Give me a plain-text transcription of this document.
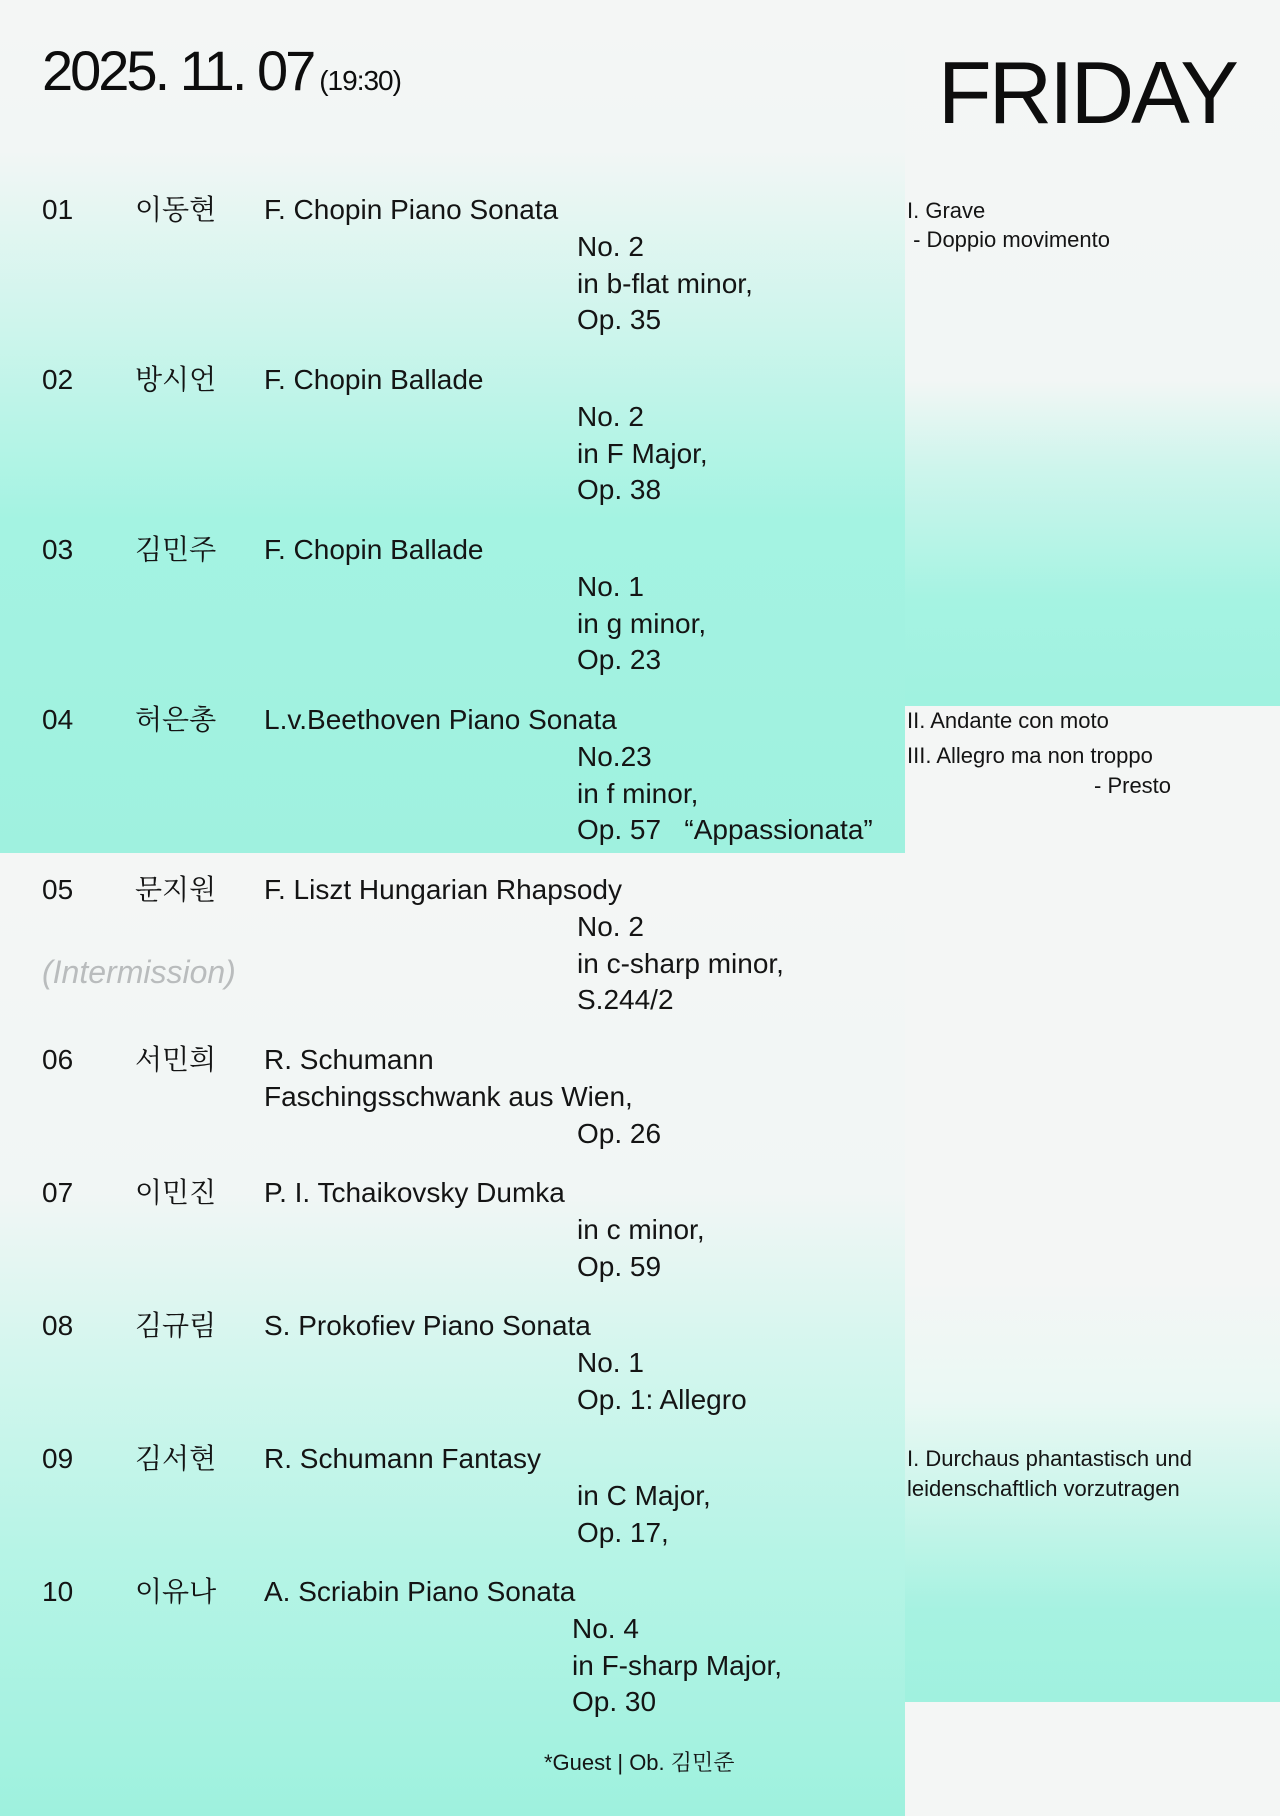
2025. 11. 07 (19:30)	FRIDAY
01 이동현 F. Chopin Piano Sonata
No. 2
in b-flat minor,
Op. 35
I. Grave
- Doppio movimento
02 방시언 F. Chopin Ballade
No. 2
in F Major,
Op. 38
03 김민주 F. Chopin Ballade
No. 1
in g minor,
Op. 23
04 허은총 L.v.Beethoven Piano Sonata
No.23
in f minor,
Op. 57   “Appassionata”
II. Andante con moto
III. Allegro ma non troppo
- Presto
05 문지원 F. Liszt Hungarian Rhapsody
No. 2
in c-sharp minor,
S.244/2
(Intermission)
06 서민희 R. Schumann
Faschingsschwank aus Wien,
Op. 26
07 이민진 P. I. Tchaikovsky Dumka
in c minor,
Op. 59
08 김규림 S. Prokofiev Piano Sonata
No. 1
Op. 1: Allegro
09 김서현 R. Schumann Fantasy
in C Major,
Op. 17,
I. Durchaus phantastisch und
leidenschaftlich vorzutragen
10 이유나 A. Scriabin Piano Sonata
No. 4
in F-sharp Major,
Op. 30
*Guest | Ob. 김민준
